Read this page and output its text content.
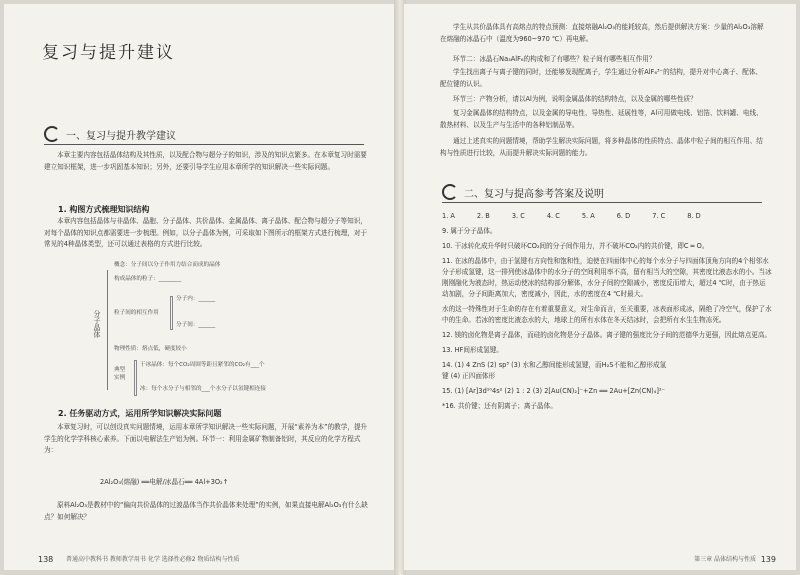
复习与提升建议
一、复习与提升教学建议
本章主要内容包括晶体结构及其性质，以及配合物与超分子的知识，涉及的知识点繁多。在本章复习时需要建立知识框架，进一步巩固基本知识；另外，还要引导学生应用本章所学的知识解决一些实际问题。
1. 构图方式梳理知识结构
本章内容包括晶体与非晶体、晶胞、分子晶体、共价晶体、金属晶体、离子晶体、配合物与超分子等知识，对每个晶体的知识点都需要进一步梳理。例如，以分子晶体为例，可采取如下图所示的框架方式进行梳理，对于常见的4种晶体类型，还可以通过表格的方式进行比较。
分子晶体
概念：分子间以分子作用力结合而成的晶体
构成晶体的粒子：________
粒子间的相互作用
分子内：______
分子间：______
物理性质：熔点低，硬度较小
典型实例
干冰晶体：每个CO₂周围等距且紧邻的CO₂有___个
冰：每个水分子与相邻的___个水分子以氢键相连接
2. 任务驱动方式，运用所学知识解决实际问题
本章复习时，可以创设真实问题情境，运用本章所学知识解决一些实际问题，开展“素养为本”的教学，提升学生的化学学科核心素养。下面以电解法生产铝为例。环节一：利用金属矿物制备铝时，其反应的化学方程式为：
2Al₂O₃(熔融) ══电解/冰晶石══ 4Al+3O₂↑
原料Al₂O₃是教材中的“偏向共价晶体的过渡晶体当作共价晶体来处理”的实例，如果直接电解Al₂O₃有什么缺点？如何解决？
138 普通高中教科书 教师教学用书 化学 选择性必修2 物质结构与性质
学生从共价晶体具有高熔点的特点预测：直接熔融Al₂O₃的能耗较高，然后提供解决方案：少量的Al₂O₃溶解在熔融的冰晶石中（温度为960~970 ℃）再电解。
环节二：冰晶石Na₃AlF₆的构成和了有哪些？粒子间有哪些相互作用？
学生找出离子与离子键的同时，还能够发现配离子，学生通过分析AlF₆³⁻的结构，提升对中心离子、配体、配位键的认识。
环节三：产物分析，请以Al为例，说明金属晶体的结构特点，以及金属的哪些性质？
复习金属晶体的结构特点，以及金属的导电性、导热性、延展性等，Al可用做电线、铝箔、饮料罐、电线、散热材料、以及生产与生活中的各种铝制品等。
通过上述真实的问题情境，帮助学生解决实际问题，将多种晶体的性质特点、晶体中粒子间的相互作用、结构与性质进行比较，从而提升解决实际问题的能力。
二、复习与提高参考答案及说明
1. A	2. B	3. C	4. C	5. A	6. D	7. C	8. D

9. 属于分子晶体。

10. 干冰转化成升华时只破坏CO₂间的分子间作用力，并不破坏CO₂内的共价键，即C ═ O。

11. 在冰的晶体中，由于氢键有方向性和饱和性，迫使在四面体中心的每个水分子与四面体顶角方向的4个相邻水分子形成氢键，这一排列使冰晶体中的水分子的空间利用率不高，留有相当大的空隙，其密度比液态水的小。当冰刚刚融化为液态时，热运动使冰的结构部分解体，水分子间的空隙减小，密度反而增大，超过4 ℃时，由于热运动加剧，分子间距离加大，密度减小，因此，水的密度在4 ℃时最大。

水的这一特殊性对于生命的存在有着重要意义，对生命而言，至关重要，冰表面形成冰，隔绝了冷空气，保护了水中的生命。若冰的密度比液态水的大，地球上的所有水体在冬天结冰时，会把所有水生生物冻死。

12. 镁的卤化物是离子晶体，而硅的卤化物是分子晶体。离子键的强度比分子间的范德华力更强，因此熔点更高。

13. HF间形成氢键。

14. (1) 4 ZnS (2) sp³ (3) 水和乙醇间能形成氢键，而H₂S不能和乙醇形成氢

键 (4) 正四面体形

15. (1) [Ar]3d¹⁰4s² (2) 1 : 2 (3) 2[Au(CN)₂]⁻+Zn ══ 2Au+[Zn(CN)₄]²⁻

*16. 共价键；还有阴离子；离子晶体。

第三章 晶体结构与性质 139
